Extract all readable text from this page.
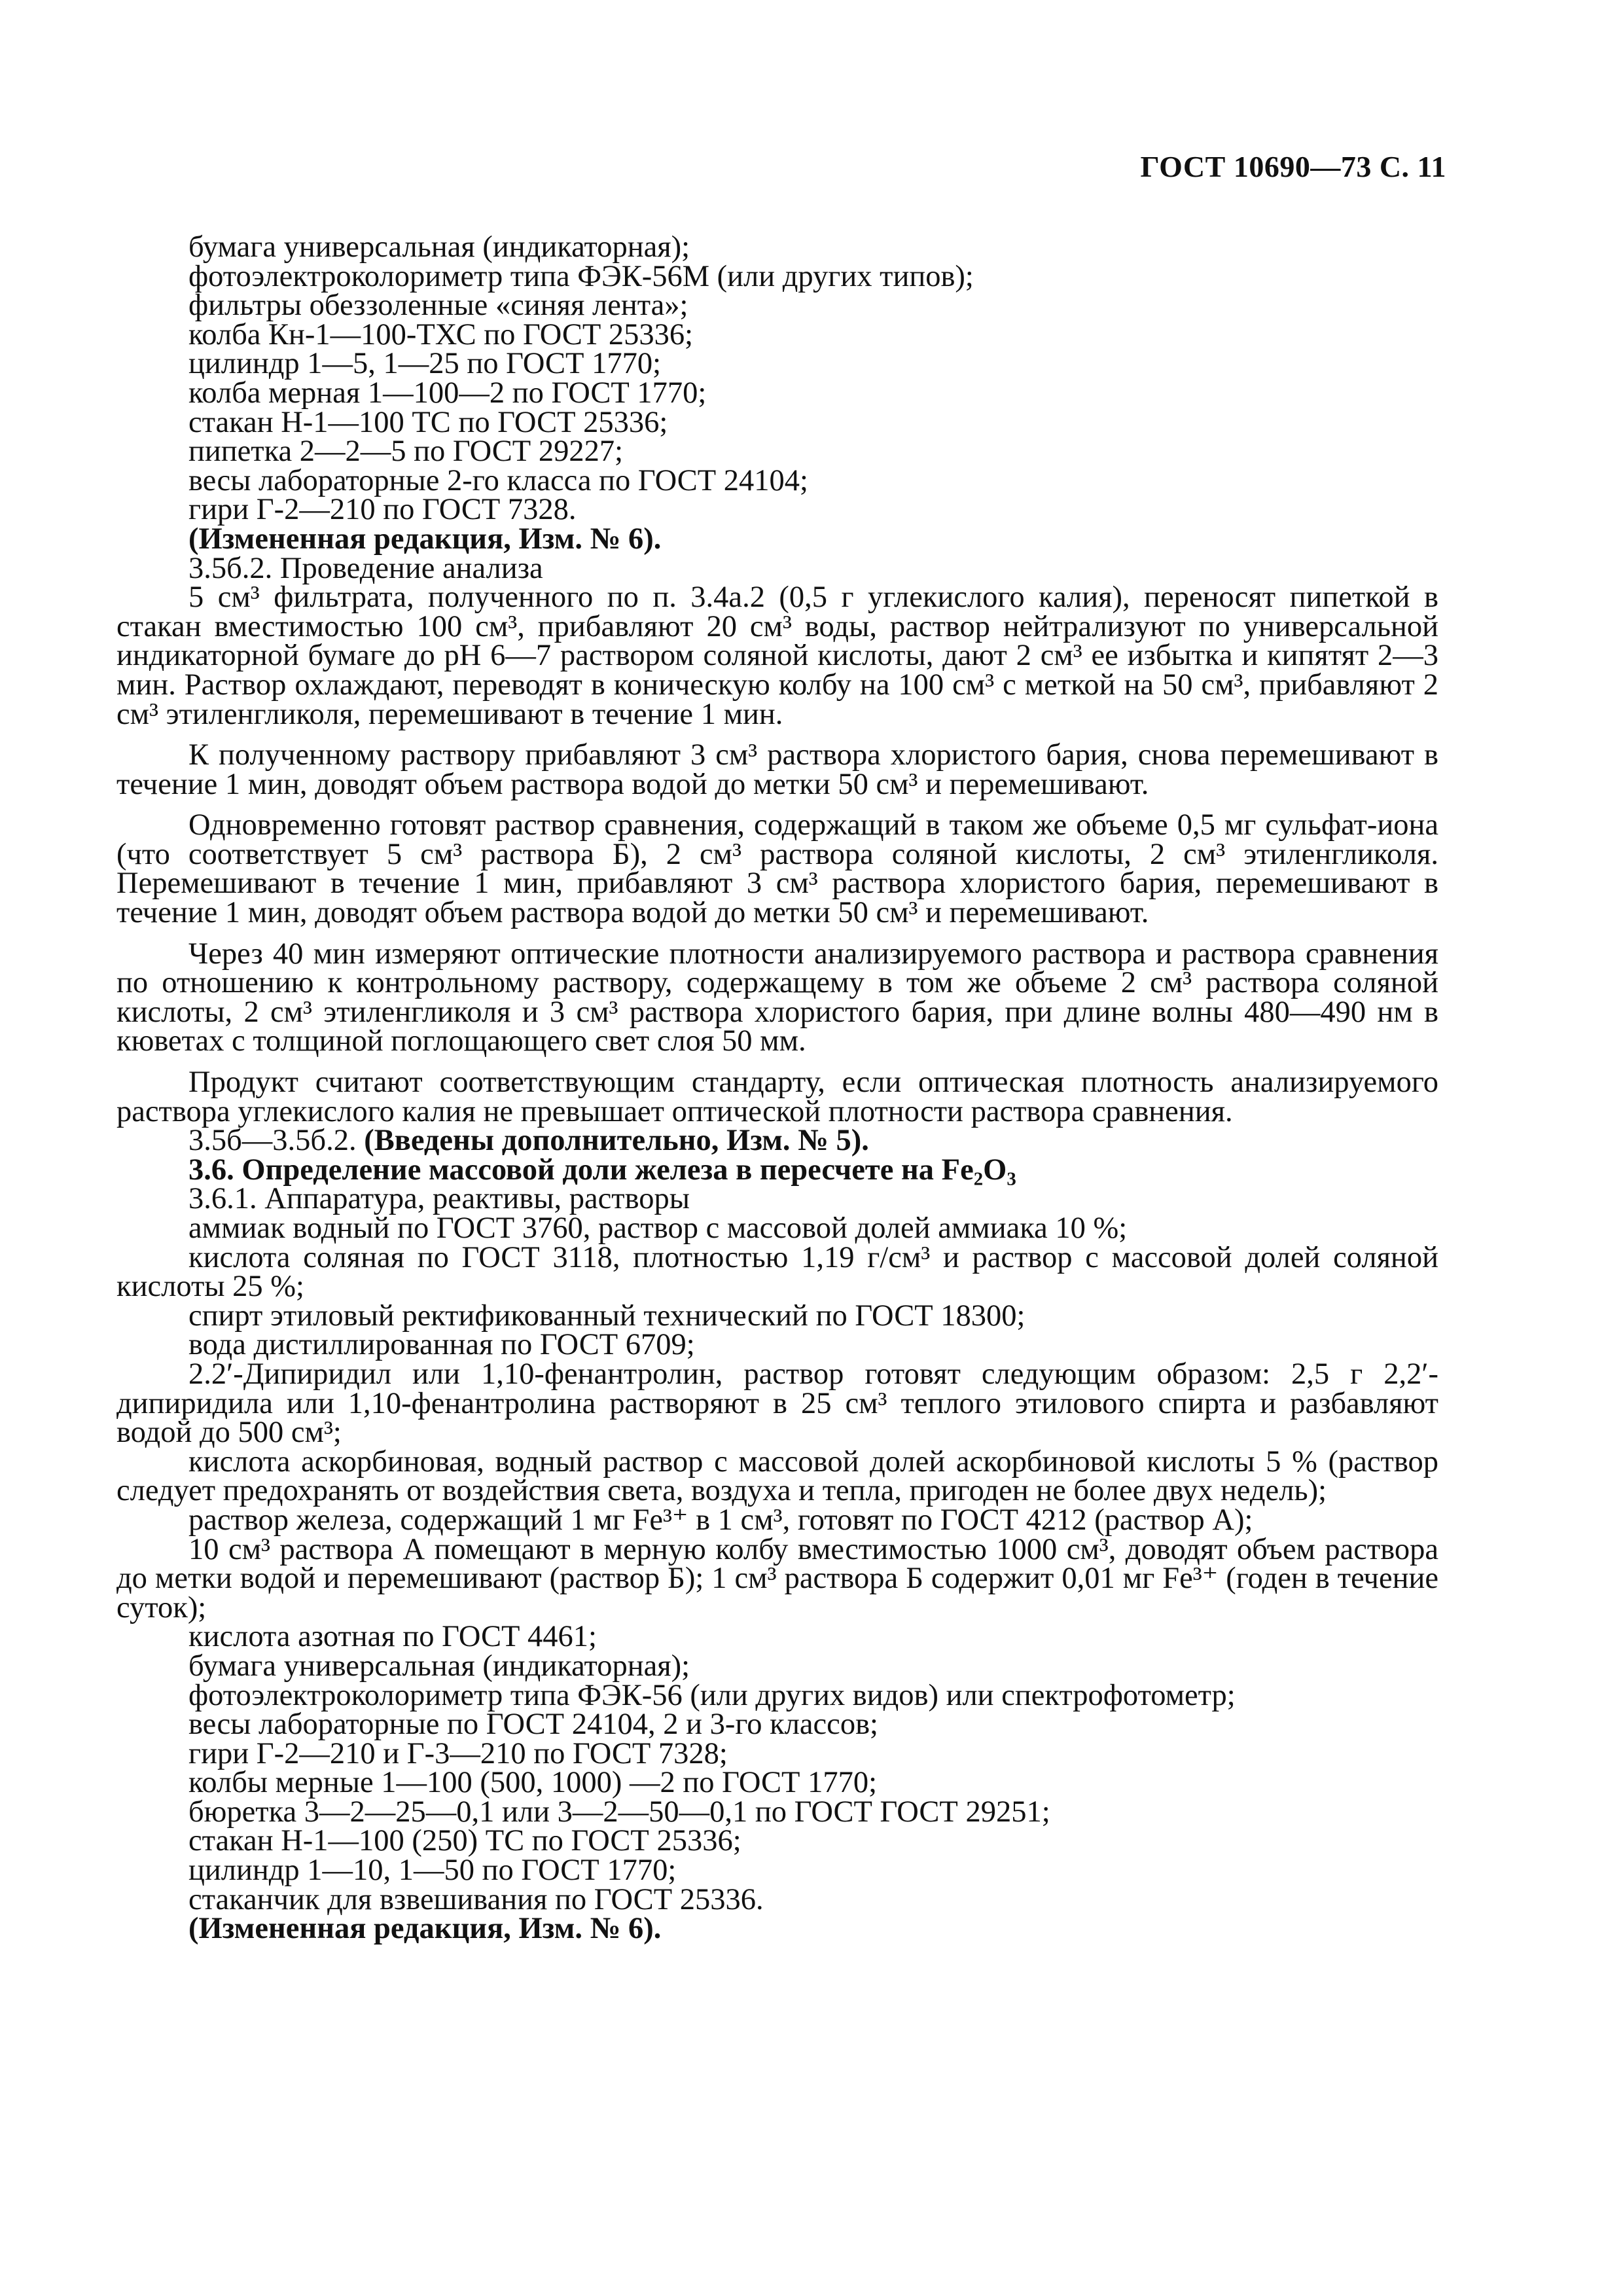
ГОСТ 10690—73 С. 11

бумага универсальная (индикаторная);

фотоэлектроколориметр типа ФЭК-56М (или других типов);

фильтры обеззоленные «синяя лента»;

колба Кн-1—100-ТХС по ГОСТ 25336;

цилиндр 1—5, 1—25 по ГОСТ 1770;

колба мерная 1—100—2 по ГОСТ 1770;

стакан Н-1—100 ТС по ГОСТ 25336;

пипетка 2—2—5 по ГОСТ 29227;

весы лабораторные 2-го класса по ГОСТ 24104;

гири Г-2—210 по ГОСТ 7328.

(Измененная редакция, Изм. № 6).

3.5б.2. Проведение анализа

5 см³ фильтрата, полученного по п. 3.4а.2 (0,5 г углекислого калия), переносят пипеткой в стакан вместимостью 100 см³, прибавляют 20 см³ воды, раствор нейтрализуют по универсальной индикаторной бумаге до рН 6—7 раствором соляной кислоты, дают 2 см³ ее избытка и кипятят 2—3 мин. Раствор охлаждают, переводят в коническую колбу на 100 см³ с меткой на 50 см³, прибавляют 2 см³ этиленгликоля, перемешивают в течение 1 мин.

К полученному раствору прибавляют 3 см³ раствора хлористого бария, снова перемешивают в течение 1 мин, доводят объем раствора водой до метки 50 см³ и перемешивают.

Одновременно готовят раствор сравнения, содержащий в таком же объеме 0,5 мг сульфат-иона (что соответствует 5 см³ раствора Б), 2 см³ раствора соляной кислоты, 2 см³ этиленгликоля. Перемешивают в течение 1 мин, прибавляют 3 см³ раствора хлористого бария, перемешивают в течение 1 мин, доводят объем раствора водой до метки 50 см³ и перемешивают.

Через 40 мин измеряют оптические плотности анализируемого раствора и раствора сравнения по отношению к контрольному раствору, содержащему в том же объеме 2 см³ раствора соляной кислоты, 2 см³ этиленгликоля и 3 см³ раствора хлористого бария, при длине волны 480—490 нм в кюветах с толщиной поглощающего свет слоя 50 мм.

Продукт считают соответствующим стандарту, если оптическая плотность анализируемого раствора углекислого калия не превышает оптической плотности раствора сравнения.

3.5б—3.5б.2. (Введены дополнительно, Изм. № 5).

3.6. Определение массовой доли железа в пересчете на $Fe_2O_3$

3.6.1. Аппаратура, реактивы, растворы

аммиак водный по ГОСТ 3760, раствор с массовой долей аммиака 10 %;

кислота соляная по ГОСТ 3118, плотностью 1,19 г/см³ и раствор с массовой долей соляной кислоты 25 %;

спирт этиловый ректификованный технический по ГОСТ 18300;

вода дистиллированная по ГОСТ 6709;

2.2′-Дипиридил или 1,10-фенантролин, раствор готовят следующим образом: 2,5 г 2,2′-дипиридила или 1,10-фенантролина растворяют в 25 см³ теплого этилового спирта и разбавляют водой до 500 см³;

кислота аскорбиновая, водный раствор с массовой долей аскорбиновой кислоты 5 % (раствор следует предохранять от воздействия света, воздуха и тепла, пригоден не более двух недель);

раствор железа, содержащий 1 мг Fe³⁺ в 1 см³, готовят по ГОСТ 4212 (раствор А);

10 см³ раствора А помещают в мерную колбу вместимостью 1000 см³, доводят объем раствора до метки водой и перемешивают (раствор Б); 1 см³ раствора Б содержит 0,01 мг Fe³⁺ (годен в течение суток);

кислота азотная по ГОСТ 4461;

бумага универсальная (индикаторная);

фотоэлектроколориметр типа ФЭК-56 (или других видов) или спектрофотометр;

весы лабораторные по ГОСТ 24104, 2 и 3-го классов;

гири Г-2—210 и Г-3—210 по ГОСТ 7328;

колбы мерные 1—100 (500, 1000) —2 по ГОСТ 1770;

бюретка 3—2—25—0,1 или 3—2—50—0,1 по ГОСТ ГОСТ 29251;

стакан Н-1—100 (250) ТС по ГОСТ 25336;

цилиндр 1—10, 1—50 по ГОСТ 1770;

стаканчик для взвешивания по ГОСТ 25336.

(Измененная редакция, Изм. № 6).
